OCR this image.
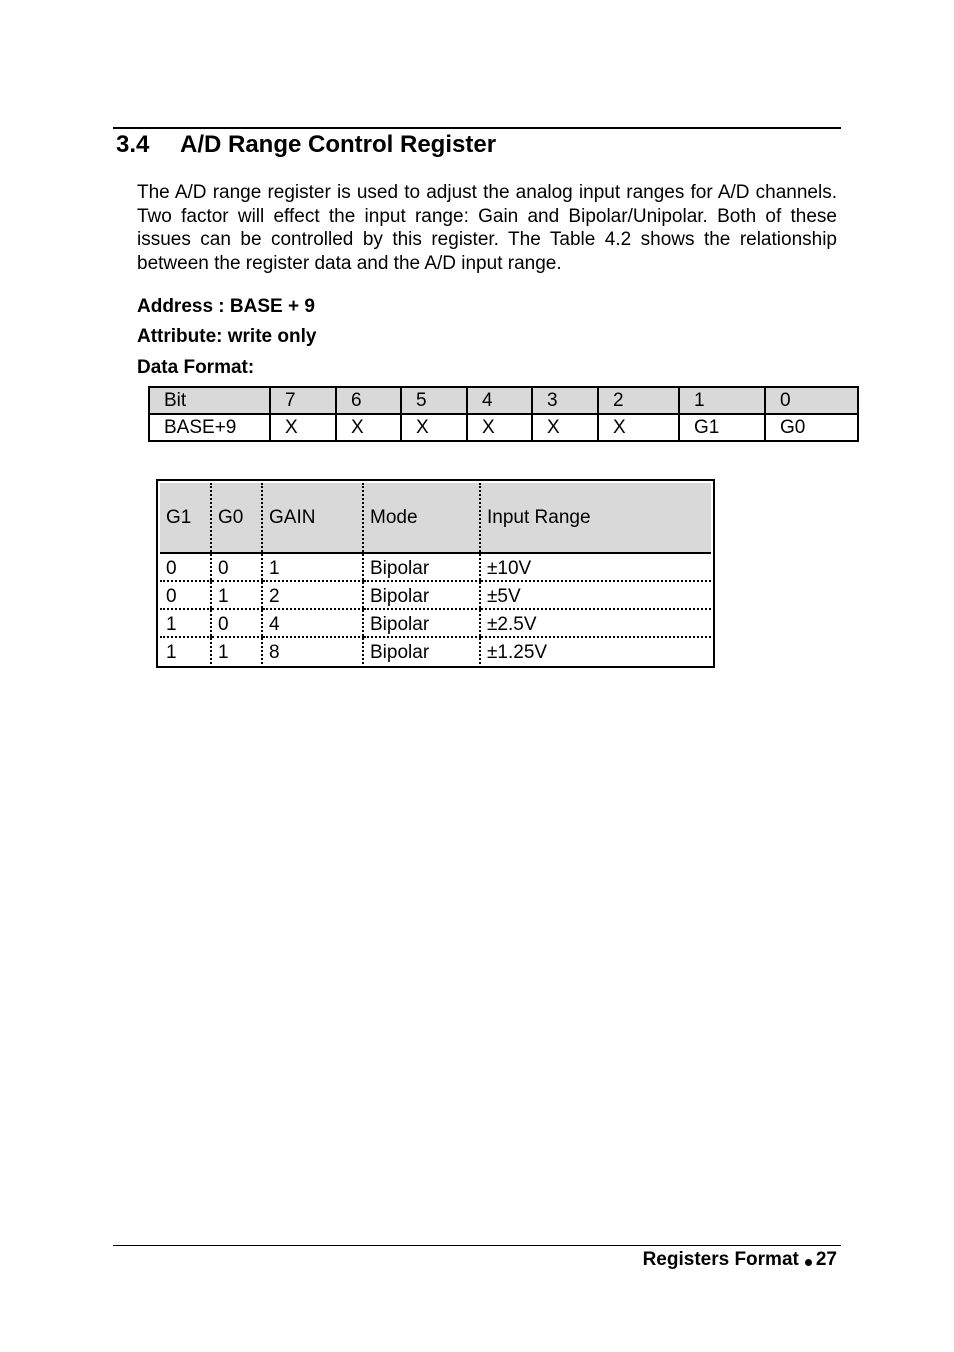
3.4 A/D Range Control Register

The A/D range register is used to adjust the analog input ranges for A/D channels. Two factor will effect the input range: Gain and Bipolar/Unipolar. Both of these issues can be controlled by this register. The Table 4.2 shows the relationship between the register data and the A/D input range.

Address : BASE + 9
Attribute: write only
Data Format:
Bit	7	6	5	4	3	2	1	0
BASE+9	X	X	X	X	X	X	G1	G0
G1	G0	GAIN	Mode	Input Range
0	0	1	Bipolar	±10V
0	1	2	Bipolar	±5V
1	0	4	Bipolar	±2.5V
1	1	8	Bipolar	±1.25V
Registers Format 27
